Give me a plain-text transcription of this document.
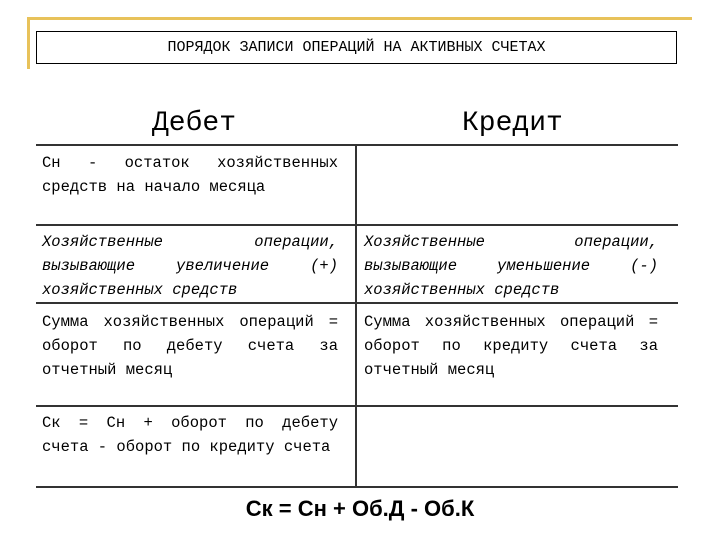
ПОРЯДОК ЗАПИСИ ОПЕРАЦИЙ НА АКТИВНЫХ СЧЕТАХ
Дебет	Кредит
Сн - остаток хозяйственных средств на начало месяца
Хозяйственные операции, вызывающие увеличение (+) хозяйственных средств
Хозяйственные операции, вызывающие уменьшение (-) хозяйственных средств
Сумма хозяйственных операций = оборот по дебету счета за отчетный месяц
Сумма хозяйственных операций = оборот по кредиту счета за отчетный месяц
Ск = Сн + оборот по дебету счета - оборот по кредиту счета
Ск = Сн + Об.Д - Об.К
